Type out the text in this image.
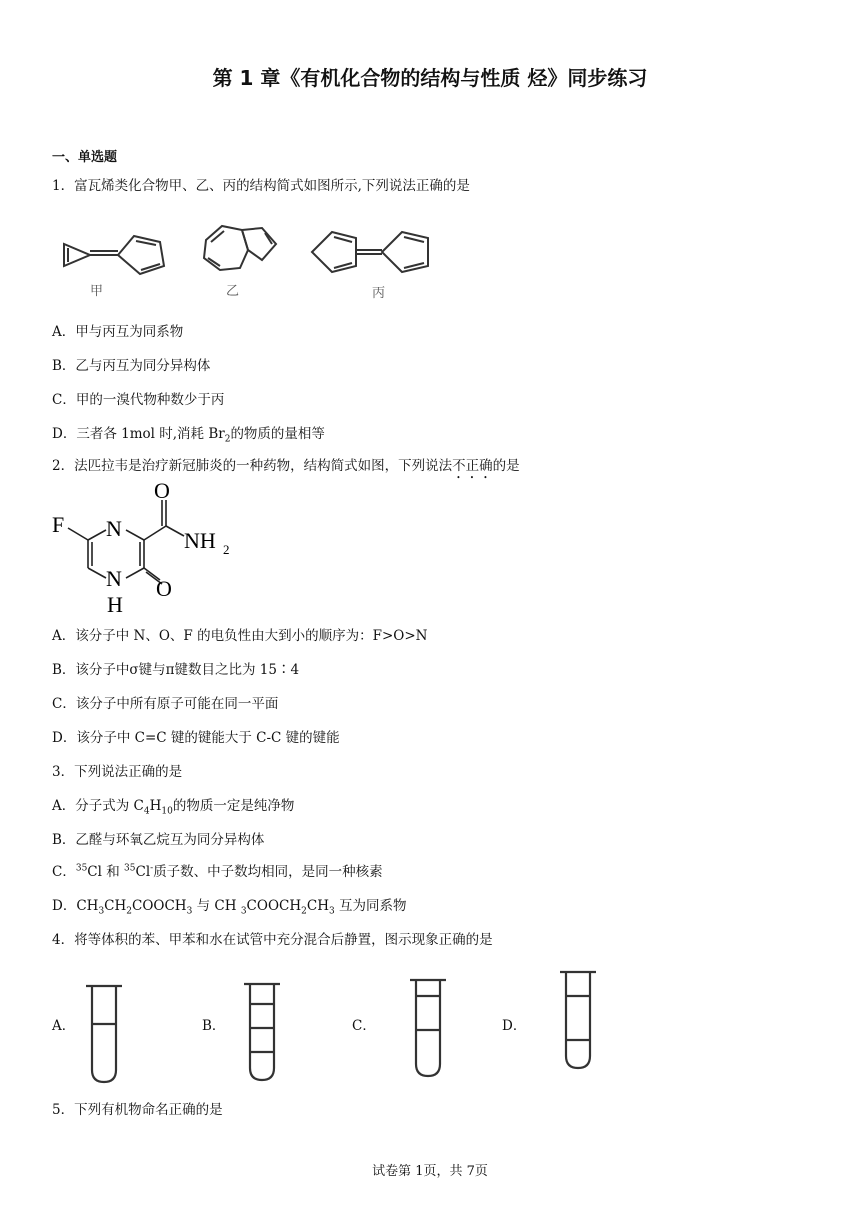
第 1 章《有机化合物的结构与性质 烃》同步练习
一、单选题
1．富瓦烯类化合物甲、乙、丙的结构简式如图所示,下列说法正确的是
甲	乙	丙
A．甲与丙互为同系物
B．乙与丙互为同分异构体
C．甲的一溴代物种数少于丙
D．三者各 1mol 时,消耗 $Br_2$的物质的量相等
2．法匹拉韦是治疗新冠肺炎的一种药物，结构简式如图，下列说法不正确的是
F N
N
H
O
O
NH 2
A．该分子中 N、O、F 的电负性由大到小的顺序为：F>O>N
B．该分子中σ键与π键数目之比为 15∶4
C．该分子中所有原子可能在同一平面
D．该分子中 C=C 键的键能大于 C-C 键的键能
3．下列说法正确的是
A．分子式为 $C_4H_{10}$的物质一定是纯净物
B．乙醛与环氧乙烷互为同分异构体
C．$^{35}$Cl 和 $^{35}$Cl-质子数、中子数均相同，是同一种核素
D．$CH_3CH_2COOCH_3$ 与 CH $_3COOCH_2CH_3$ 互为同系物
4．将等体积的苯、甲苯和水在试管中充分混合后静置，图示现象正确的是
A．	B．	C．	D．
5．下列有机物命名正确的是
试卷第 1页，共 7页
